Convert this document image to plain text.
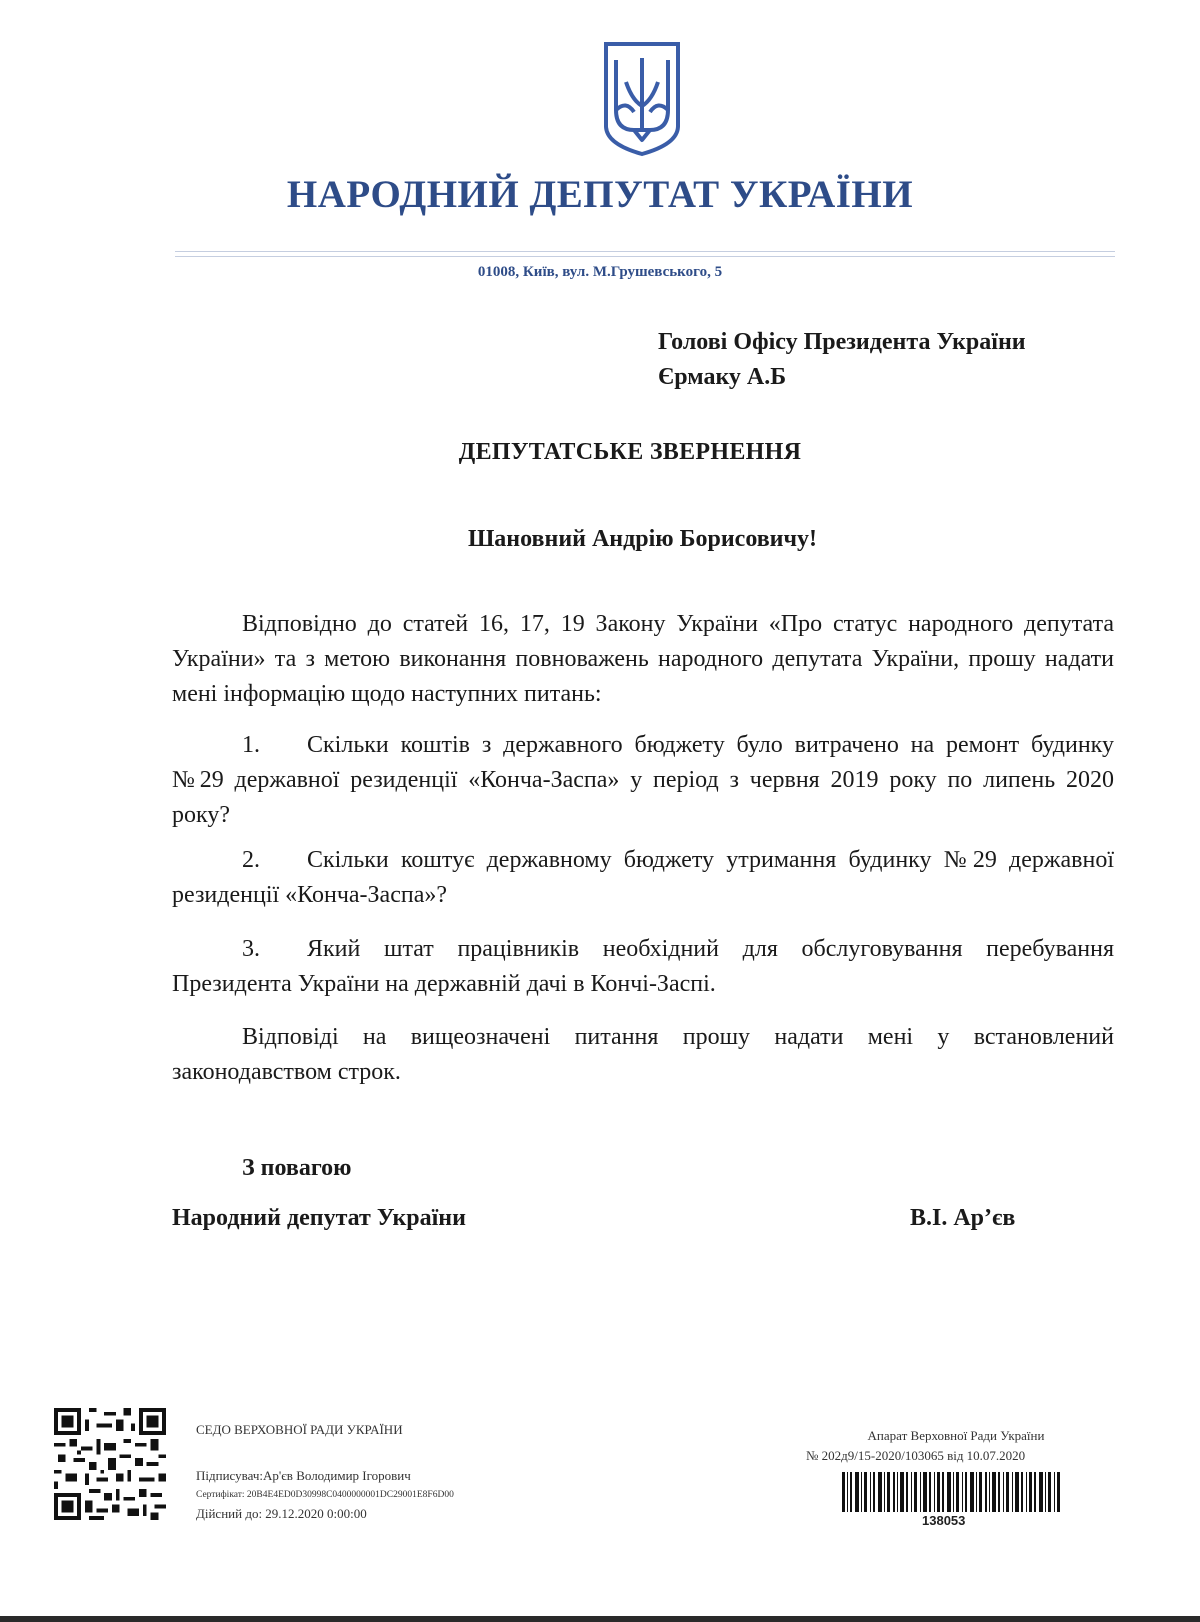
НАРОДНИЙ ДЕПУТАТ УКРАЇНИ
01008, Київ, вул. М.Грушевського, 5
Голові Офісу Президента України
Єрмаку А.Б
ДЕПУТАТСЬКЕ ЗВЕРНЕННЯ
Шановний Андрію Борисовичу!
Відповідно до статей 16, 17, 19 Закону України «Про статус народного депутата України» та з метою виконання повноважень народного депутата України, прошу надати мені інформацію щодо наступних питань:
1. Скільки коштів з державного бюджету було витрачено на ремонт будинку №29 державної резиденції «Конча-Заспа» у період з червня 2019 року по липень 2020 року?
2. Скільки коштує державному бюджету утримання будинку №29 державної резиденції «Конча-Заспа»?
3. Який штат працівників необхідний для обслуговування перебування Президента України на державній дачі в Кончі-Заспі.
Відповіді на вищеозначені питання прошу надати мені у встановлений законодавством строк.
З повагою
Народний депутат України	В.І. Ар’єв
СЕДО ВЕРХОВНОЇ РАДИ УКРАЇНИ
Підписувач:Ар'єв Володимир Ігорович
Сертифікат: 20В4Е4ЕD0D30998C0400000001DC29001E8F6D00
Дійсний до: 29.12.2020 0:00:00
Апарат Верховної Ради України
№ 202д9/15-2020/103065 від 10.07.2020
138053
